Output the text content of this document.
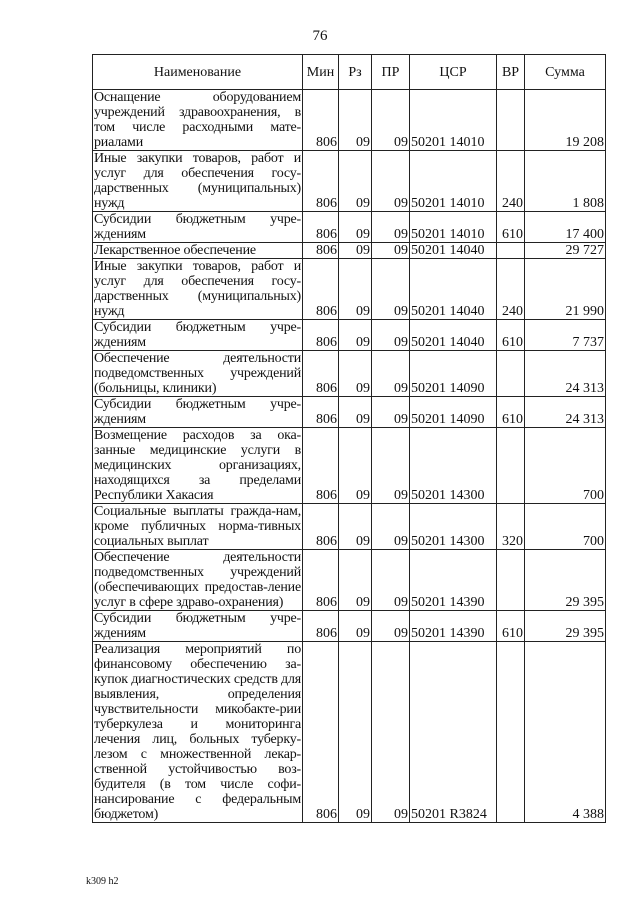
76
Наименование	Мин	Рз	ПР	ЦСР	ВР	Сумма
Оснащение оборудованием учреждений здравоохранения, в том числе расходными мате-риалами	806	09	09	50201 14010		19 208
Иные закупки товаров, работ и услуг для обеспечения госу-дарственных (муниципальных) нужд	806	09	09	50201 14010	240	1 808
Субсидии бюджетным учре-ждениям	806	09	09	50201 14010	610	17 400
Лекарственное обеспечение	806	09	09	50201 14040		29 727
Иные закупки товаров, работ и услуг для обеспечения госу-дарственных (муниципальных) нужд	806	09	09	50201 14040	240	21 990
Субсидии бюджетным учре-ждениям	806	09	09	50201 14040	610	7 737
Обеспечение деятельности подведомственных учреждений (больницы, клиники)	806	09	09	50201 14090		24 313
Субсидии бюджетным учре-ждениям	806	09	09	50201 14090	610	24 313
Возмещение расходов за ока-занные медицинские услуги в медицинских организациях, находящихся за пределами Республики Хакасия	806	09	09	50201 14300		700
Социальные выплаты гражда-нам, кроме публичных норма-тивных социальных выплат	806	09	09	50201 14300	320	700
Обеспечение деятельности подведомственных учреждений (обеспечивающих предостав-ление услуг в сфере здраво-охранения)	806	09	09	50201 14390		29 395
Субсидии бюджетным учре-ждениям	806	09	09	50201 14390	610	29 395
Реализация мероприятий по финансовому обеспечению за-купок диагностических средств для выявления, определения чувствительности микобакте-рии туберкулеза и мониторинга лечения лиц, больных туберку-лезом с множественной лекар-ственной устойчивостью воз-будителя (в том числе софи-нансирование с федеральным бюджетом)	806	09	09	50201 R3824		4 388
k309 h2
